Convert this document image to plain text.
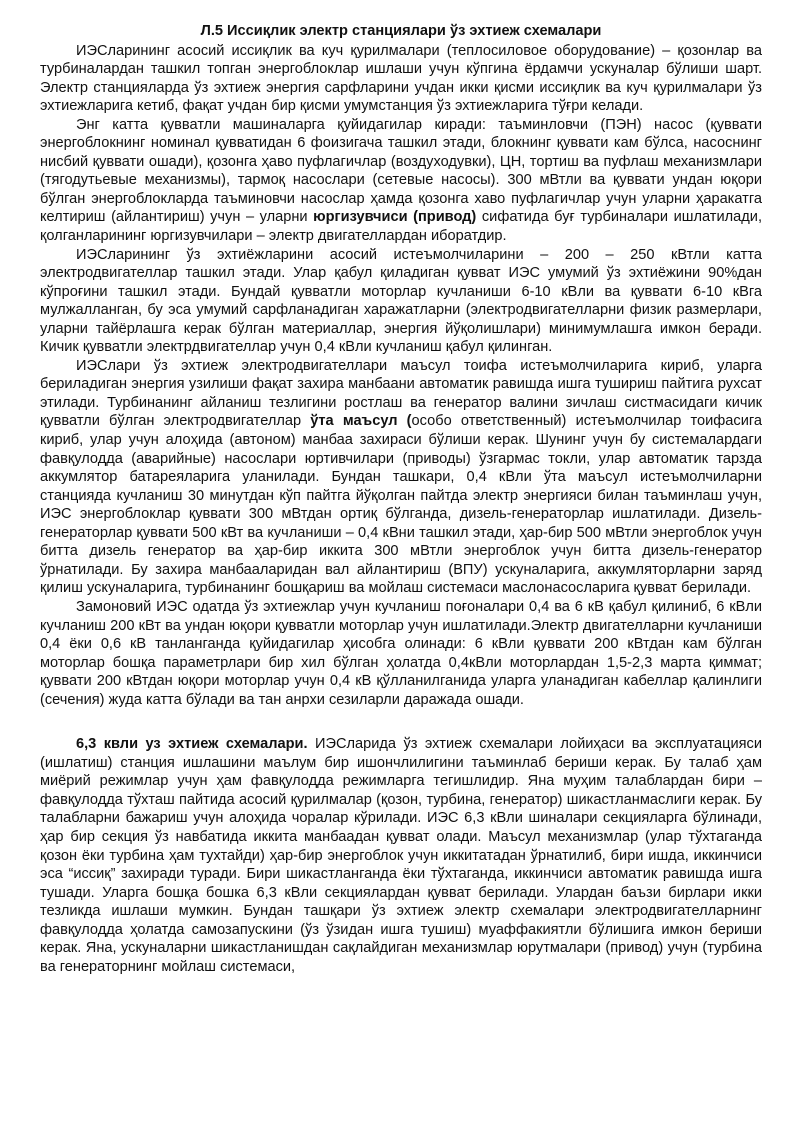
Л.5 Иссиқлик электр станциялари ўз эхтиеж схемалари

ИЭСларининг асосий иссиқлик ва куч қурилмалари (теплосиловое оборудование) – қозонлар ва турбиналардан ташкил топган энергоблоклар ишлаши учун кўпгина ёрдамчи ускуналар бўлиши шарт. Электр станцияларда ўз эхтиеж энергия сарфларини учдан икки қисми иссиқлик ва куч қурилмалари ўз эхтиежларига кетиб, фақат учдан бир қисми умумстанция ўз эхтиежларига тўғри келади.

Энг катта қувватли машиналарга қуйидагилар киради: таъминловчи (ПЭН) насос (қуввати энергоблокнинг номинал қувватидан 6 фоизигача ташкил этади, блокнинг қуввати кам бўлса, насоснинг нисбий қуввати ошади), қозонга ҳаво пуфлагичлар (воздуходувки), ЦН, тортиш ва пуфлаш механизмлари (тягодутьевые механизмы), тармоқ насослари (сетевые насосы). 300 мВтли ва қуввати ундан юқори бўлган энергоблокларда таъминовчи насослар ҳамда қозонга хаво пуфлагичлар учун уларни ҳаракатга келтириш (айлантириш) учун – уларни юргизувчиси (привод) сифатида буғ турбиналари ишлатилади, қолганларининг юргизувчилари – электр двигателлардан иборатдир.

ИЭСларининг ўз эхтиёжларини асосий истеъмолчиларини – 200 – 250 кВтли катта электродвигателлар ташкил этади. Улар қабул қиладиган қувват ИЭС умумий ўз эхтиёжини 90%дан кўпроғини ташкил этади. Бундай қувватли моторлар кучланиши 6-10 кВли ва қуввати 6-10 кВга мулжалланган, бу эса умумий сарфланадиган харажатларни (электродвигателларни физик размерлари, уларни тайёрлашга керак бўлган материаллар, энергия йўқолишлари) минимумлашга имкон беради. Кичик қувватли электрдвигателлар учун 0,4 кВли кучланиш қабул қилинган.

ИЭСлари ўз эхтиеж электродвигателлари маъсул тоифа истеъмолчиларига кириб, уларга бериладиган энергия узилиши фақат захира манбаани автоматик равишда ишга тушириш пайтига рухсат этилади. Турбинанинг айланиш тезлигини ростлаш ва генератор валини зичлаш систмасидаги кичик қувватли бўлган электродвигателлар ўта маъсул (особо ответственный) истеъмолчилар тоифасига кириб, улар учун алоҳида (автоном) манбаа захираси бўлиши керак. Шунинг учун бу системалардаги фавқулодда (аварийные) насослари юртивчилари (приводы) ўзгармас токли, улар автоматик тарзда аккумлятор батареяларига уланилади. Бундан ташкари, 0,4 кВли ўта маъсул истеъмолчиларни станцияда кучланиш 30 минутдан кўп пайтга йўқолган пайтда электр энергияси билан таъминлаш учун, ИЭС энергоблоклар қуввати 300 мВтдан ортиқ бўлганда, дизель-генераторлар ишлатилади. Дизель-генераторлар қуввати 500 кВт ва кучланиши – 0,4 кВни ташкил этади, ҳар-бир 500 мВтли энергоблок учун битта дизель генератор ва ҳар-бир иккита 300 мВтли энергоблок учун битта дизель-генератор ўрнатилади. Бу захира манбааларидан вал айлантириш (ВПУ) ускуналарига, аккумляторларни заряд қилиш ускуналарига, турбинанинг бошқариш ва мойлаш системаси маслонасосларига қувват берилади.

Замоновий ИЭС одатда ўз эхтиежлар учун кучланиш поғоналари 0,4 ва 6 кВ қабул қилиниб, 6 кВли кучланиш 200 кВт ва ундан юқори қувватли моторлар учун ишлатилади.Электр двигателларни кучланиши 0,4 ёки 0,6 кВ танланганда қуйидагилар ҳисобга олинади: 6 кВли қуввати 200 кВтдан кам бўлган моторлар бошқа параметрлари бир хил бўлган ҳолатда 0,4кВли моторлардан 1,5-2,3 марта қиммат; қуввати 200 кВтдан юқори моторлар учун 0,4 кВ қўлланилганида уларга уланадиган кабеллар қалинлиги (сечения) жуда катта бўлади ва тан анрхи сезиларли даражада ошади.

6,3 квли уз эхтиеж схемалари. ИЭСларида ўз эхтиеж схемалари лойиҳаси ва эксплуатацияси (ишлатиш) станция ишлашини маълум бир ишончлилигини таъминлаб бериши керак. Бу талаб ҳам миёрий режимлар учун ҳам фавқулодда режимларга тегишлидир. Яна муҳим талаблардан бири – фавқулодда тўхташ пайтида асосий қурилмалар (қозон, турбина, генератор) шикастланмаслиги керак. Бу талабларни бажариш учун алоҳида чоралар кўрилади. ИЭС 6,3 кВли шиналари секцияларга бўлинади, ҳар бир секция ўз навбатида иккита манбаадан қувват олади. Маъсул механизмлар (улар тўхтаганда қозон ёки турбина ҳам тухтайди) ҳар-бир энергоблок учун иккитатадан ўрнатилиб, бири ишда, иккинчиси эса “иссиқ” захиради туради. Бири шикастланганда ёки тўхтаганда, иккинчиси автоматик равишда ишга тушади. Уларга бошқа бошка 6,3 кВли секциялардан қувват берилади. Улардан баъзи бирлари икки тезликда ишлаши мумкин. Бундан ташқари ўз эхтиеж электр схемалари электродвигателларнинг фавқулодда ҳолатда самозапускини (ўз ўзидан ишга тушиш) муаффакиятли бўлишига имкон бериши керак. Яна, ускуналарни шикастланишдан сақлайдиган механизмлар юрутмалари (привод) учун (турбина ва генераторнинг мойлаш системаси,
